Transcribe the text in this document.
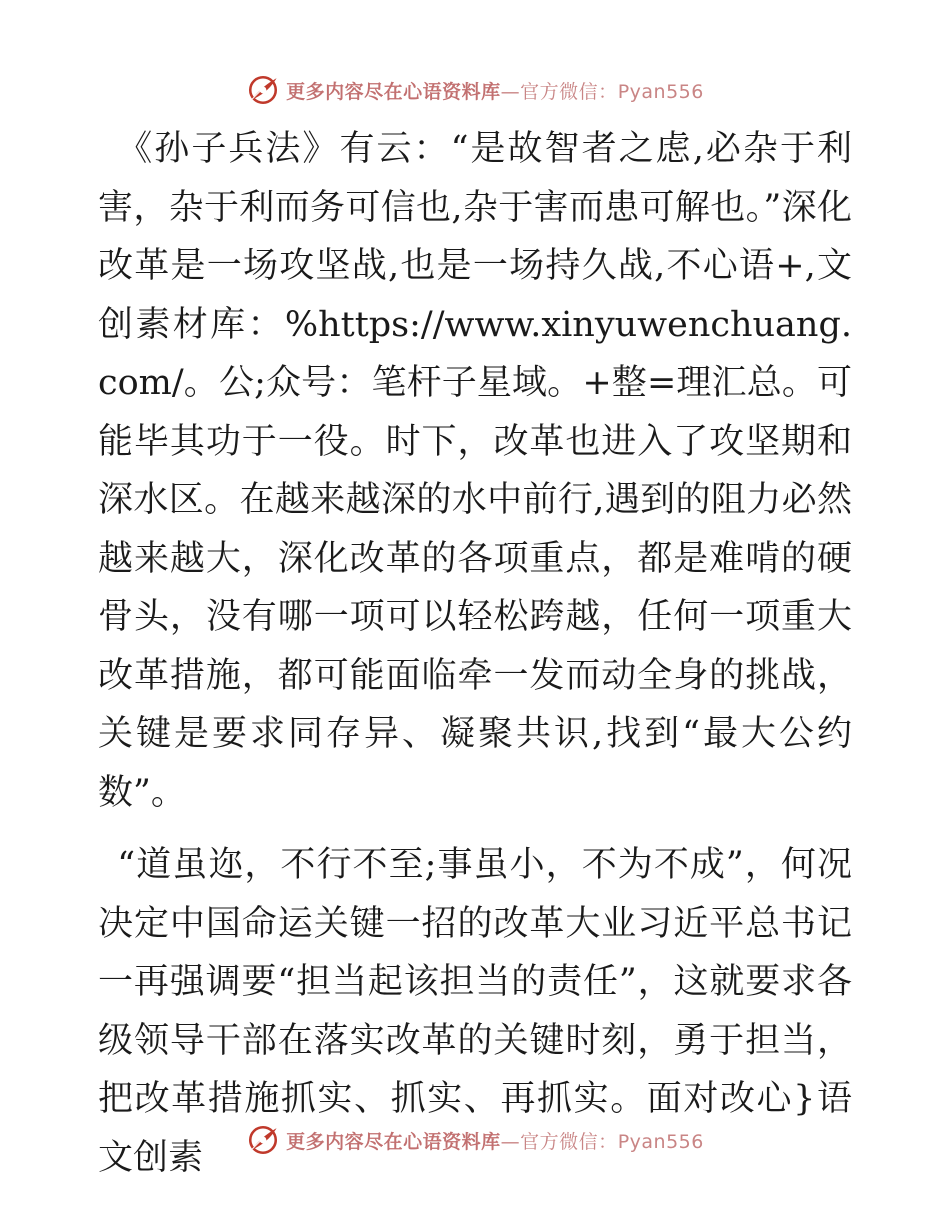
更多内容尽在心语资料库—官方微信：Pyan556

《孙子兵法》有云：“是故智者之虑,必杂于利害，杂于利而务可信也,杂于害而患可解也。”深化改革是一场攻坚战,也是一场持久战,不心语+,文创素材库：%https://www.xinyuwenchuang.com/。公;众号：笔杆子星域。+整=理汇总。可能毕其功于一役。时下，改革也进入了攻坚期和深水区。在越来越深的水中前行,遇到的阻力必然越来越大，深化改革的各项重点，都是难啃的硬骨头，没有哪一项可以轻松跨越，任何一项重大改革措施，都可能面临牵一发而动全身的挑战，关键是要求同存异、凝聚共识,找到“最大公约数”。

“道虽迩，不行不至;事虽小，不为不成”，何况决定中国命运关键一招的改革大业习近平总书记一再强调要“担当起该担当的责任”，这就要求各级领导干部在落实改革的关键时刻，勇于担当，把改革措施抓实、抓实、再抓实。面对改心}语文创素	更多内容尽在心语资料库—官方微信：Pyan556
